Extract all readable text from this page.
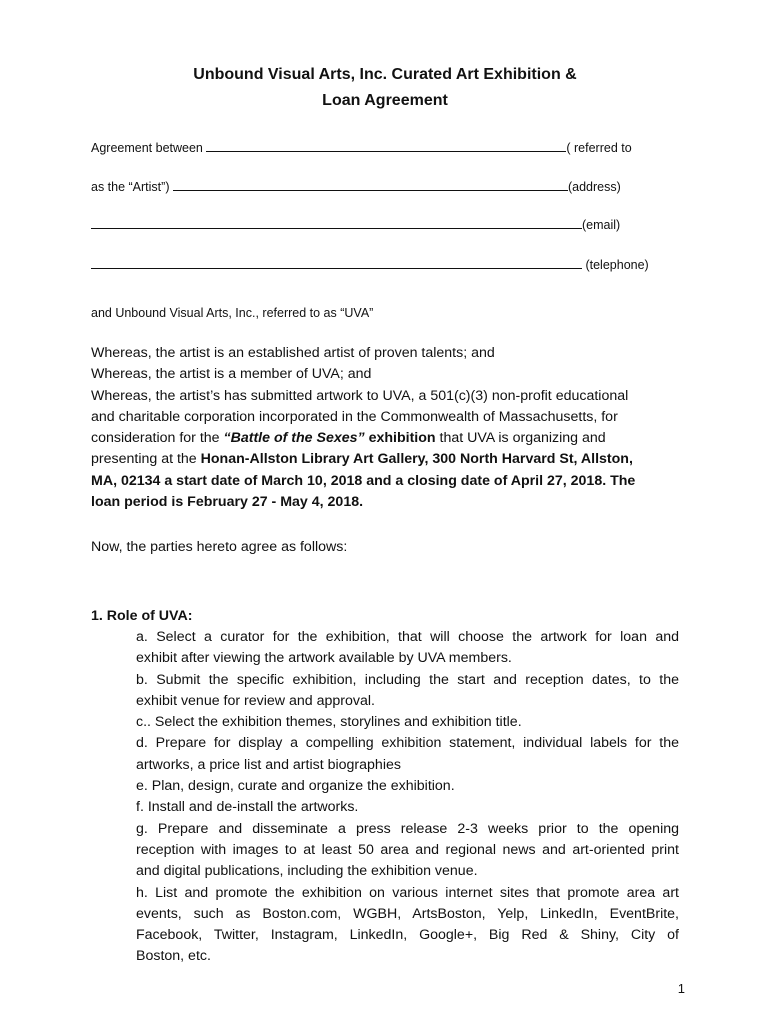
Unbound Visual Arts, Inc. Curated Art Exhibition &
Loan Agreement
Agreement between	( referred to
as the “Artist”)	(address)
(email)
(telephone)
and Unbound Visual Arts, Inc., referred to as “UVA”
Whereas, the artist is an established artist of proven talents; and
Whereas, the artist is a member of UVA; and
Whereas, the artist’s has submitted artwork to UVA, a 501(c)(3) non-profit educational
and charitable corporation incorporated in the Commonwealth of Massachusetts, for
consideration for the “Battle of the Sexes” exhibition that UVA is organizing and
presenting at the Honan-Allston Library Art Gallery, 300 North Harvard St, Allston,
MA, 02134 a start date of March 10, 2018 and a closing date of April 27, 2018. The
loan period is February 27 - May 4, 2018.
Now, the parties hereto agree as follows:
1. Role of UVA:
a. Select a curator for the exhibition, that will choose the artwork for loan and
exhibit after viewing the artwork available by UVA members.
b. Submit the specific exhibition, including the start and reception dates, to the
exhibit venue for review and approval.
c.. Select the exhibition themes, storylines and exhibition title.
d. Prepare for display a compelling exhibition statement, individual labels for the
artworks, a price list and artist biographies
e. Plan, design, curate and organize the exhibition.
f. Install and de-install the artworks.
g. Prepare and disseminate a press release 2-3 weeks prior to the opening
reception with images to at least 50 area and regional news and art-oriented print
and digital publications, including the exhibition venue.
h. List and promote the exhibition on various internet sites that promote area art
events, such as Boston.com, WGBH, ArtsBoston, Yelp, LinkedIn, EventBrite,
Facebook, Twitter, Instagram, LinkedIn, Google+, Big Red & Shiny, City of
Boston, etc.
1
